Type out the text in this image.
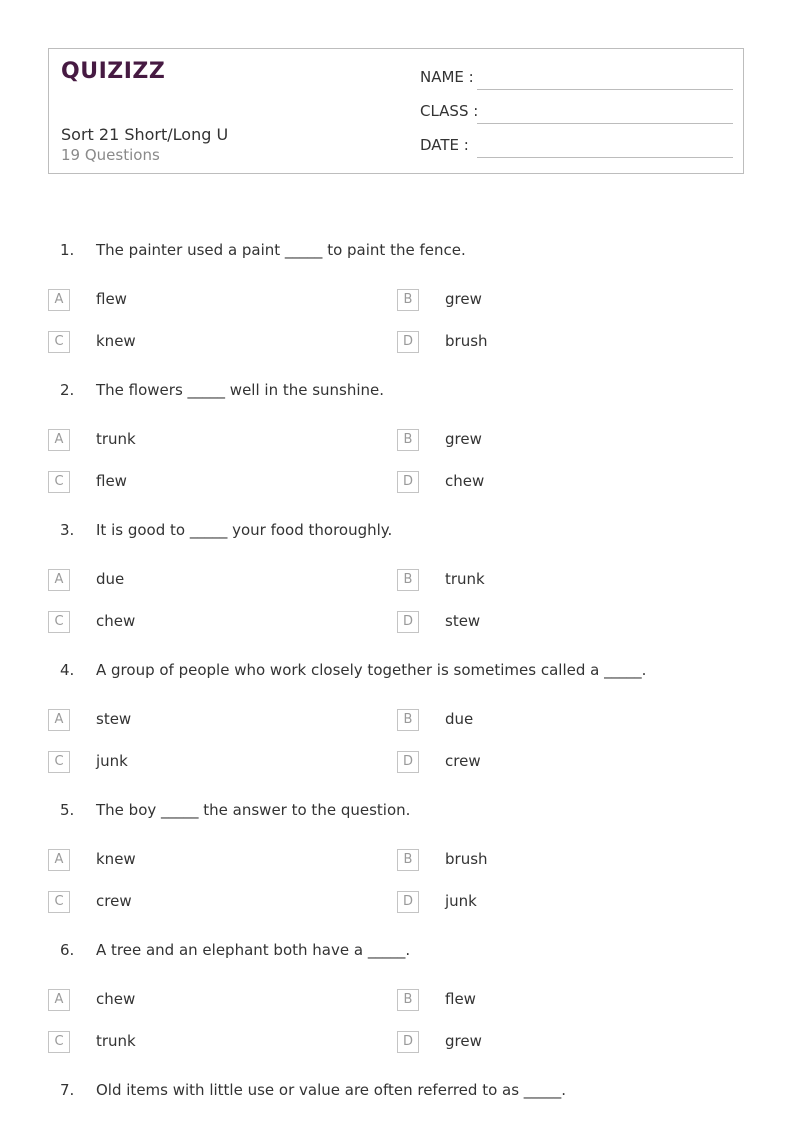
QUIZIZZ
Sort 21 Short/Long U
19 Questions
NAME :
CLASS :
DATE :
1. The painter used a paint _____ to paint the fence.
A	flew	B	grew
C	knew	D	brush
2. The flowers _____ well in the sunshine.
A	trunk	B	grew
C	flew	D	chew
3. It is good to _____ your food thoroughly.
A	due	B	trunk
C	chew	D	stew
4. A group of people who work closely together is sometimes called a _____.
A	stew	B	due
C	junk	D	crew
5. The boy _____ the answer to the question.
A	knew	B	brush
C	crew	D	junk
6. A tree and an elephant both have a _____.
A	chew	B	flew
C	trunk	D	grew
7. Old items with little use or value are often referred to as _____.
